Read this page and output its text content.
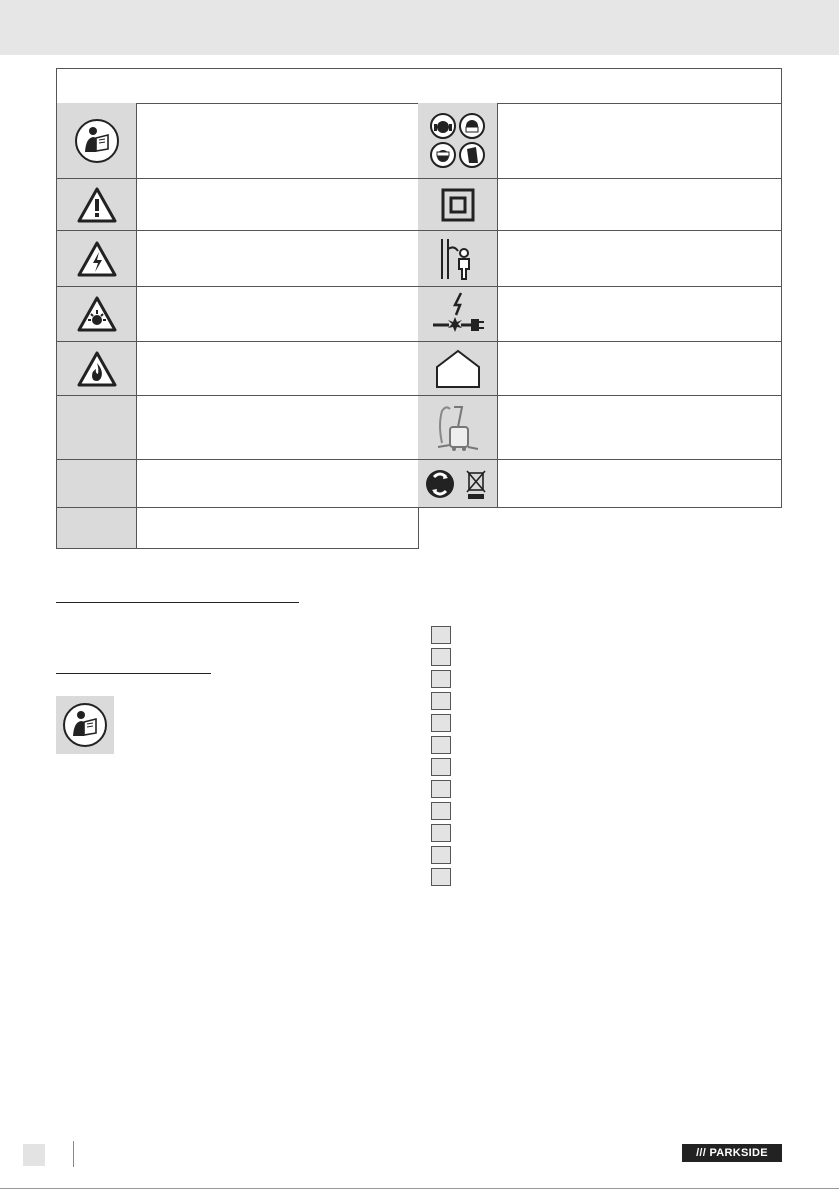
/// PARKSIDE
